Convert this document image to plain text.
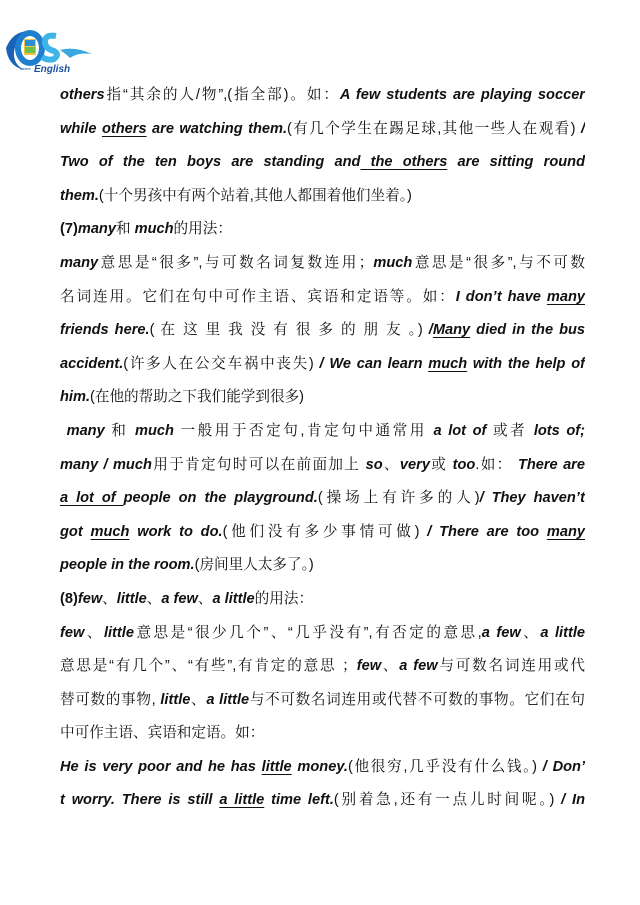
Instant English
others指“其余的人/物”,(指全部)。如：A few students are playing soccer
while others are watching them.(有几个学生在踢足球,其他一些人在观看) /
Two of the ten boys are standing and the others are sitting round
them.(十个男孩中有两个站着,其他人都围着他们坐着。)
(7)many和 much的用法：
many意思是“很多”,与可数名词复数连用；much意思是“很多”,与不可数
名词连用。它们在句中可作主语、宾语和定语等。如：I don’t have many
friends here.( 在 这 里 我 没 有 很 多 的 朋 友 。) /Many died in the bus
accident.(许多人在公交车祸中丧失) / We can learn much with the help of
him.(在他的帮助之下我们能学到很多)
many 和 much 一般用于否定句,肯定句中通常用 a lot of 或者 lots of;
many / much用于肯定句时可以在前面加上 so、very或 too.如： There are
a lot of people on the playground.(操场上有许多的人)/ They haven’t
got much work to do.(他们没有多少事情可做) / There are too many
people in the room.(房间里人太多了。)
(8)few、little、a few、a little的用法：
few、little意思是“很少几个”、“几乎没有”,有否定的意思,a few、a little
意思是“有几个”、“有些”,有肯定的意思 ；few、a few与可数名词连用或代
替可数的事物, little、a little与不可数名词连用或代替不可数的事物。它们在句
中可作主语、宾语和定语。如：
He is very poor and he has little money.(他很穷,几乎没有什么钱。) / Don’
t worry. There is still a little time left.(别着急,还有一点儿时间呢。) / In
